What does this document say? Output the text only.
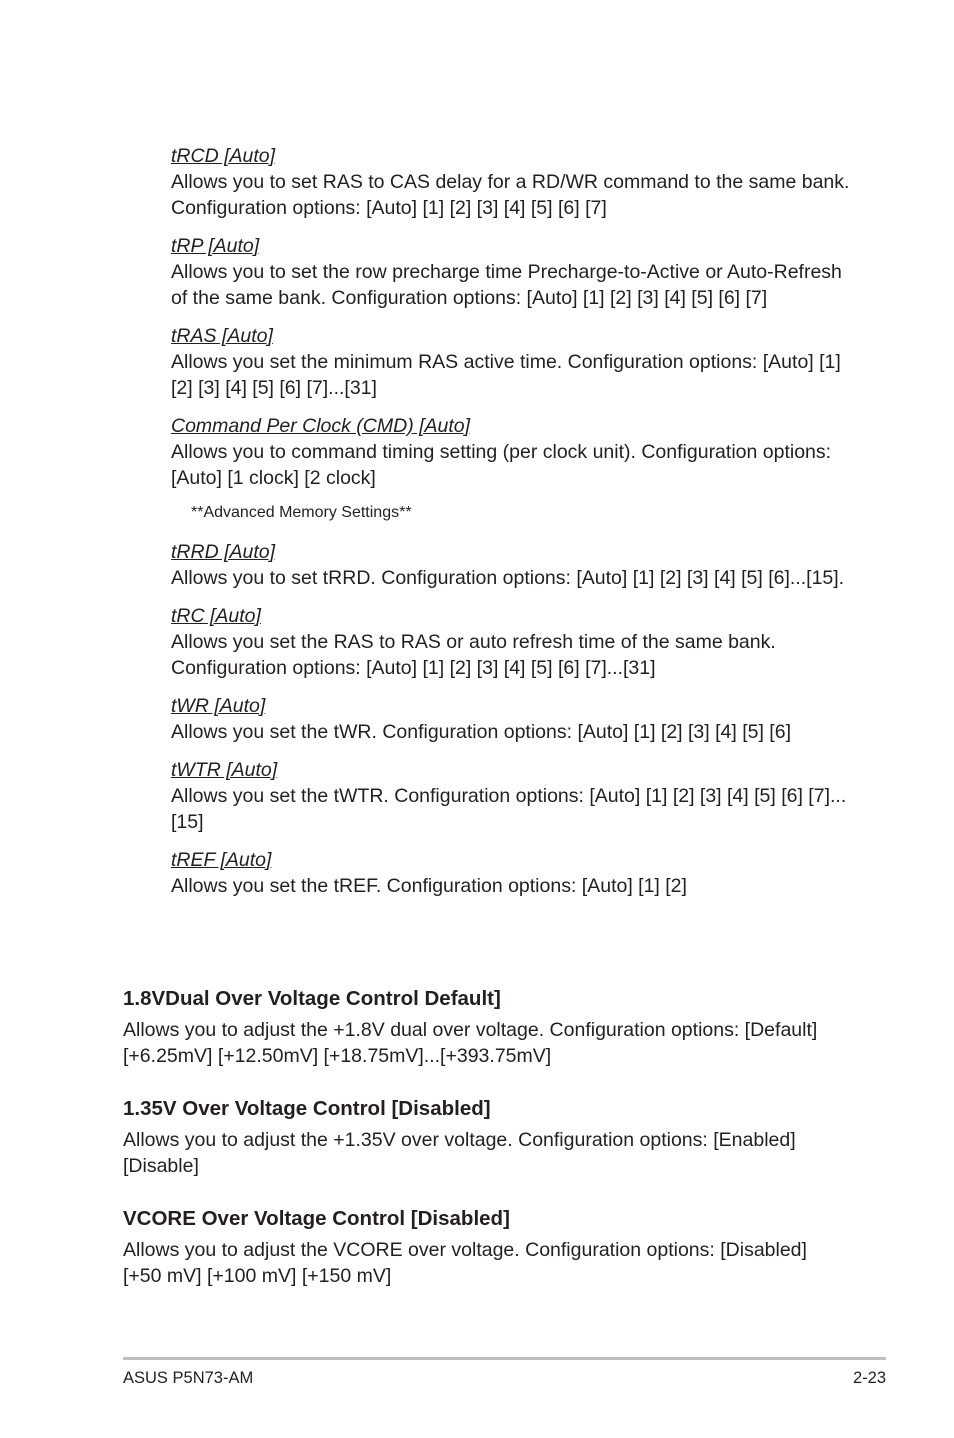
tRCD [Auto]

Allows you to set RAS to CAS delay for a RD/WR command to the same bank. Configuration options: [Auto] [1] [2] [3] [4] [5] [6] [7]

tRP [Auto]

Allows you to set the row precharge time Precharge-to-Active or Auto-Refresh of the same bank. Configuration options: [Auto] [1] [2] [3] [4] [5] [6] [7]

tRAS [Auto]

Allows you set the minimum RAS active time. Configuration options: [Auto] [1] [2] [3] [4] [5] [6] [7]...[31]

Command Per Clock (CMD) [Auto]

Allows you to command timing setting (per clock unit). Configuration options: [Auto] [1 clock] [2 clock]

**Advanced Memory Settings**
tRRD [Auto]

Allows you to set tRRD. Configuration options: [Auto] [1] [2] [3] [4] [5] [6]...[15].

tRC [Auto]

Allows you set the RAS to RAS or auto refresh time of the same bank. Configuration options: [Auto] [1] [2] [3] [4] [5] [6] [7]...[31]

tWR [Auto]

Allows you set the tWR. Configuration options: [Auto] [1] [2] [3] [4] [5] [6]

tWTR [Auto]

Allows you set the tWTR. Configuration options: [Auto] [1] [2] [3] [4] [5] [6] [7]...[15]

tREF [Auto]

Allows you set the tREF. Configuration options: [Auto] [1] [2]

1.8VDual Over Voltage Control Default]

Allows you to adjust the +1.8V dual over voltage. Configuration options: [Default] [+6.25mV] [+12.50mV] [+18.75mV]...[+393.75mV]

1.35V Over Voltage Control [Disabled]

Allows you to adjust the +1.35V over voltage. Configuration options: [Enabled] [Disable]

VCORE Over Voltage Control [Disabled]

Allows you to adjust the VCORE over voltage. Configuration options: [Disabled] [+50 mV] [+100 mV] [+150 mV]

ASUS P5N73-AM	2-23
